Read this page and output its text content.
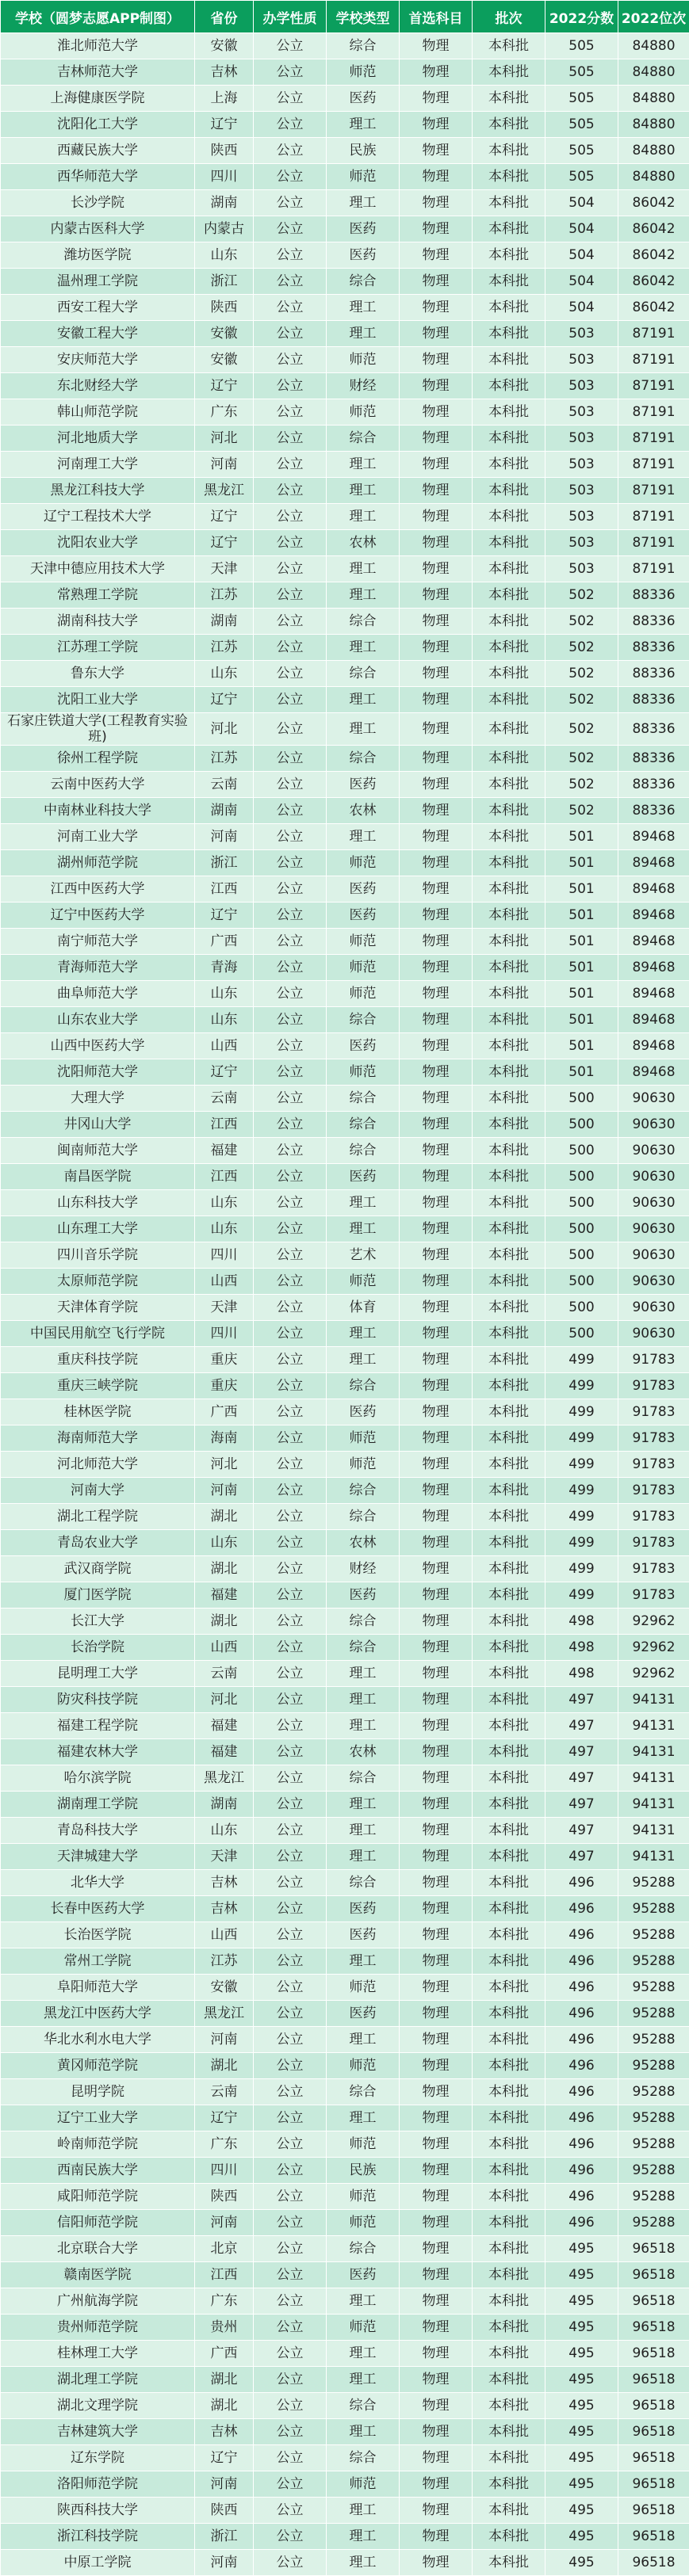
学校（圆梦志愿APP制图）	省份	办学性质	学校类型	首选科目	批次	2022分数	2022位次
淮北师范大学	安徽	公立	综合	物理	本科批	505	84880
吉林师范大学	吉林	公立	师范	物理	本科批	505	84880
上海健康医学院	上海	公立	医药	物理	本科批	505	84880
沈阳化工大学	辽宁	公立	理工	物理	本科批	505	84880
西藏民族大学	陕西	公立	民族	物理	本科批	505	84880
西华师范大学	四川	公立	师范	物理	本科批	505	84880
长沙学院	湖南	公立	理工	物理	本科批	504	86042
内蒙古医科大学	内蒙古	公立	医药	物理	本科批	504	86042
潍坊医学院	山东	公立	医药	物理	本科批	504	86042
温州理工学院	浙江	公立	综合	物理	本科批	504	86042
西安工程大学	陕西	公立	理工	物理	本科批	504	86042
安徽工程大学	安徽	公立	理工	物理	本科批	503	87191
安庆师范大学	安徽	公立	师范	物理	本科批	503	87191
东北财经大学	辽宁	公立	财经	物理	本科批	503	87191
韩山师范学院	广东	公立	师范	物理	本科批	503	87191
河北地质大学	河北	公立	综合	物理	本科批	503	87191
河南理工大学	河南	公立	理工	物理	本科批	503	87191
黑龙江科技大学	黑龙江	公立	理工	物理	本科批	503	87191
辽宁工程技术大学	辽宁	公立	理工	物理	本科批	503	87191
沈阳农业大学	辽宁	公立	农林	物理	本科批	503	87191
天津中德应用技术大学	天津	公立	理工	物理	本科批	503	87191
常熟理工学院	江苏	公立	理工	物理	本科批	502	88336
湖南科技大学	湖南	公立	综合	物理	本科批	502	88336
江苏理工学院	江苏	公立	理工	物理	本科批	502	88336
鲁东大学	山东	公立	综合	物理	本科批	502	88336
沈阳工业大学	辽宁	公立	理工	物理	本科批	502	88336
石家庄铁道大学(工程教育实验班)	河北	公立	理工	物理	本科批	502	88336
徐州工程学院	江苏	公立	综合	物理	本科批	502	88336
云南中医药大学	云南	公立	医药	物理	本科批	502	88336
中南林业科技大学	湖南	公立	农林	物理	本科批	502	88336
河南工业大学	河南	公立	理工	物理	本科批	501	89468
湖州师范学院	浙江	公立	师范	物理	本科批	501	89468
江西中医药大学	江西	公立	医药	物理	本科批	501	89468
辽宁中医药大学	辽宁	公立	医药	物理	本科批	501	89468
南宁师范大学	广西	公立	师范	物理	本科批	501	89468
青海师范大学	青海	公立	师范	物理	本科批	501	89468
曲阜师范大学	山东	公立	师范	物理	本科批	501	89468
山东农业大学	山东	公立	综合	物理	本科批	501	89468
山西中医药大学	山西	公立	医药	物理	本科批	501	89468
沈阳师范大学	辽宁	公立	师范	物理	本科批	501	89468
大理大学	云南	公立	综合	物理	本科批	500	90630
井冈山大学	江西	公立	综合	物理	本科批	500	90630
闽南师范大学	福建	公立	综合	物理	本科批	500	90630
南昌医学院	江西	公立	医药	物理	本科批	500	90630
山东科技大学	山东	公立	理工	物理	本科批	500	90630
山东理工大学	山东	公立	理工	物理	本科批	500	90630
四川音乐学院	四川	公立	艺术	物理	本科批	500	90630
太原师范学院	山西	公立	师范	物理	本科批	500	90630
天津体育学院	天津	公立	体育	物理	本科批	500	90630
中国民用航空飞行学院	四川	公立	理工	物理	本科批	500	90630
重庆科技学院	重庆	公立	理工	物理	本科批	499	91783
重庆三峡学院	重庆	公立	综合	物理	本科批	499	91783
桂林医学院	广西	公立	医药	物理	本科批	499	91783
海南师范大学	海南	公立	师范	物理	本科批	499	91783
河北师范大学	河北	公立	师范	物理	本科批	499	91783
河南大学	河南	公立	综合	物理	本科批	499	91783
湖北工程学院	湖北	公立	综合	物理	本科批	499	91783
青岛农业大学	山东	公立	农林	物理	本科批	499	91783
武汉商学院	湖北	公立	财经	物理	本科批	499	91783
厦门医学院	福建	公立	医药	物理	本科批	499	91783
长江大学	湖北	公立	综合	物理	本科批	498	92962
长治学院	山西	公立	综合	物理	本科批	498	92962
昆明理工大学	云南	公立	理工	物理	本科批	498	92962
防灾科技学院	河北	公立	理工	物理	本科批	497	94131
福建工程学院	福建	公立	理工	物理	本科批	497	94131
福建农林大学	福建	公立	农林	物理	本科批	497	94131
哈尔滨学院	黑龙江	公立	综合	物理	本科批	497	94131
湖南理工学院	湖南	公立	理工	物理	本科批	497	94131
青岛科技大学	山东	公立	理工	物理	本科批	497	94131
天津城建大学	天津	公立	理工	物理	本科批	497	94131
北华大学	吉林	公立	综合	物理	本科批	496	95288
长春中医药大学	吉林	公立	医药	物理	本科批	496	95288
长治医学院	山西	公立	医药	物理	本科批	496	95288
常州工学院	江苏	公立	理工	物理	本科批	496	95288
阜阳师范大学	安徽	公立	师范	物理	本科批	496	95288
黑龙江中医药大学	黑龙江	公立	医药	物理	本科批	496	95288
华北水利水电大学	河南	公立	理工	物理	本科批	496	95288
黄冈师范学院	湖北	公立	师范	物理	本科批	496	95288
昆明学院	云南	公立	综合	物理	本科批	496	95288
辽宁工业大学	辽宁	公立	理工	物理	本科批	496	95288
岭南师范学院	广东	公立	师范	物理	本科批	496	95288
西南民族大学	四川	公立	民族	物理	本科批	496	95288
咸阳师范学院	陕西	公立	师范	物理	本科批	496	95288
信阳师范学院	河南	公立	师范	物理	本科批	496	95288
北京联合大学	北京	公立	综合	物理	本科批	495	96518
赣南医学院	江西	公立	医药	物理	本科批	495	96518
广州航海学院	广东	公立	理工	物理	本科批	495	96518
贵州师范学院	贵州	公立	师范	物理	本科批	495	96518
桂林理工大学	广西	公立	理工	物理	本科批	495	96518
湖北理工学院	湖北	公立	理工	物理	本科批	495	96518
湖北文理学院	湖北	公立	综合	物理	本科批	495	96518
吉林建筑大学	吉林	公立	理工	物理	本科批	495	96518
辽东学院	辽宁	公立	综合	物理	本科批	495	96518
洛阳师范学院	河南	公立	师范	物理	本科批	495	96518
陕西科技大学	陕西	公立	理工	物理	本科批	495	96518
浙江科技学院	浙江	公立	理工	物理	本科批	495	96518
中原工学院	河南	公立	理工	物理	本科批	495	96518
